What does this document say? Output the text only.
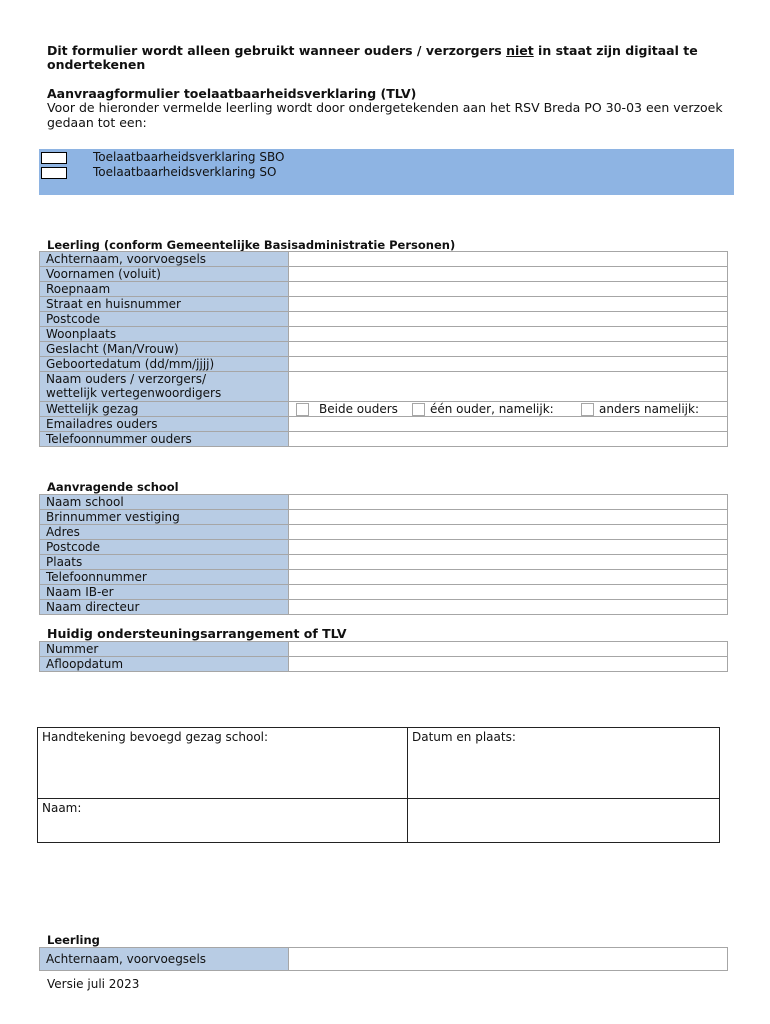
Dit formulier wordt alleen gebruikt wanneer ouders / verzorgers niet in staat zijn digitaal te ondertekenen
Aanvraagformulier toelaatbaarheidsverklaring (TLV)
Voor de hieronder vermelde leerling wordt door ondergetekenden aan het RSV Breda PO 30-03 een verzoek gedaan tot een:
Toelaatbaarheidsverklaring SBO
Toelaatbaarheidsverklaring SO
Leerling (conform Gemeentelijke Basisadministratie Personen)
Achternaam, voorvoegsels	
Voornamen (voluit)	
Roepnaam	
Straat en huisnummer	
Postcode	
Woonplaats	
Geslacht (Man/Vrouw)	
Geboortedatum (dd/mm/jjjj)	

Naam ouders / verzorgers/
wettelijk vertegenwoordigers	

Wettelijk gezag	Beide ouders één ouder, namelijk: anders namelijk:

Emailadres ouders	
Telefoonnummer ouders	
Aanvragende school
Naam school	
Brinnummer vestiging	
Adres	
Postcode	
Plaats	
Telefoonnummer	
Naam IB-er	
Naam directeur	
Huidig ondersteuningsarrangement of TLV
Nummer	
Afloopdatum	
Handtekening bevoegd gezag school:	Datum en plaats:
Naam:	
Leerling
Achternaam, voorvoegsels	
Versie juli 2023
